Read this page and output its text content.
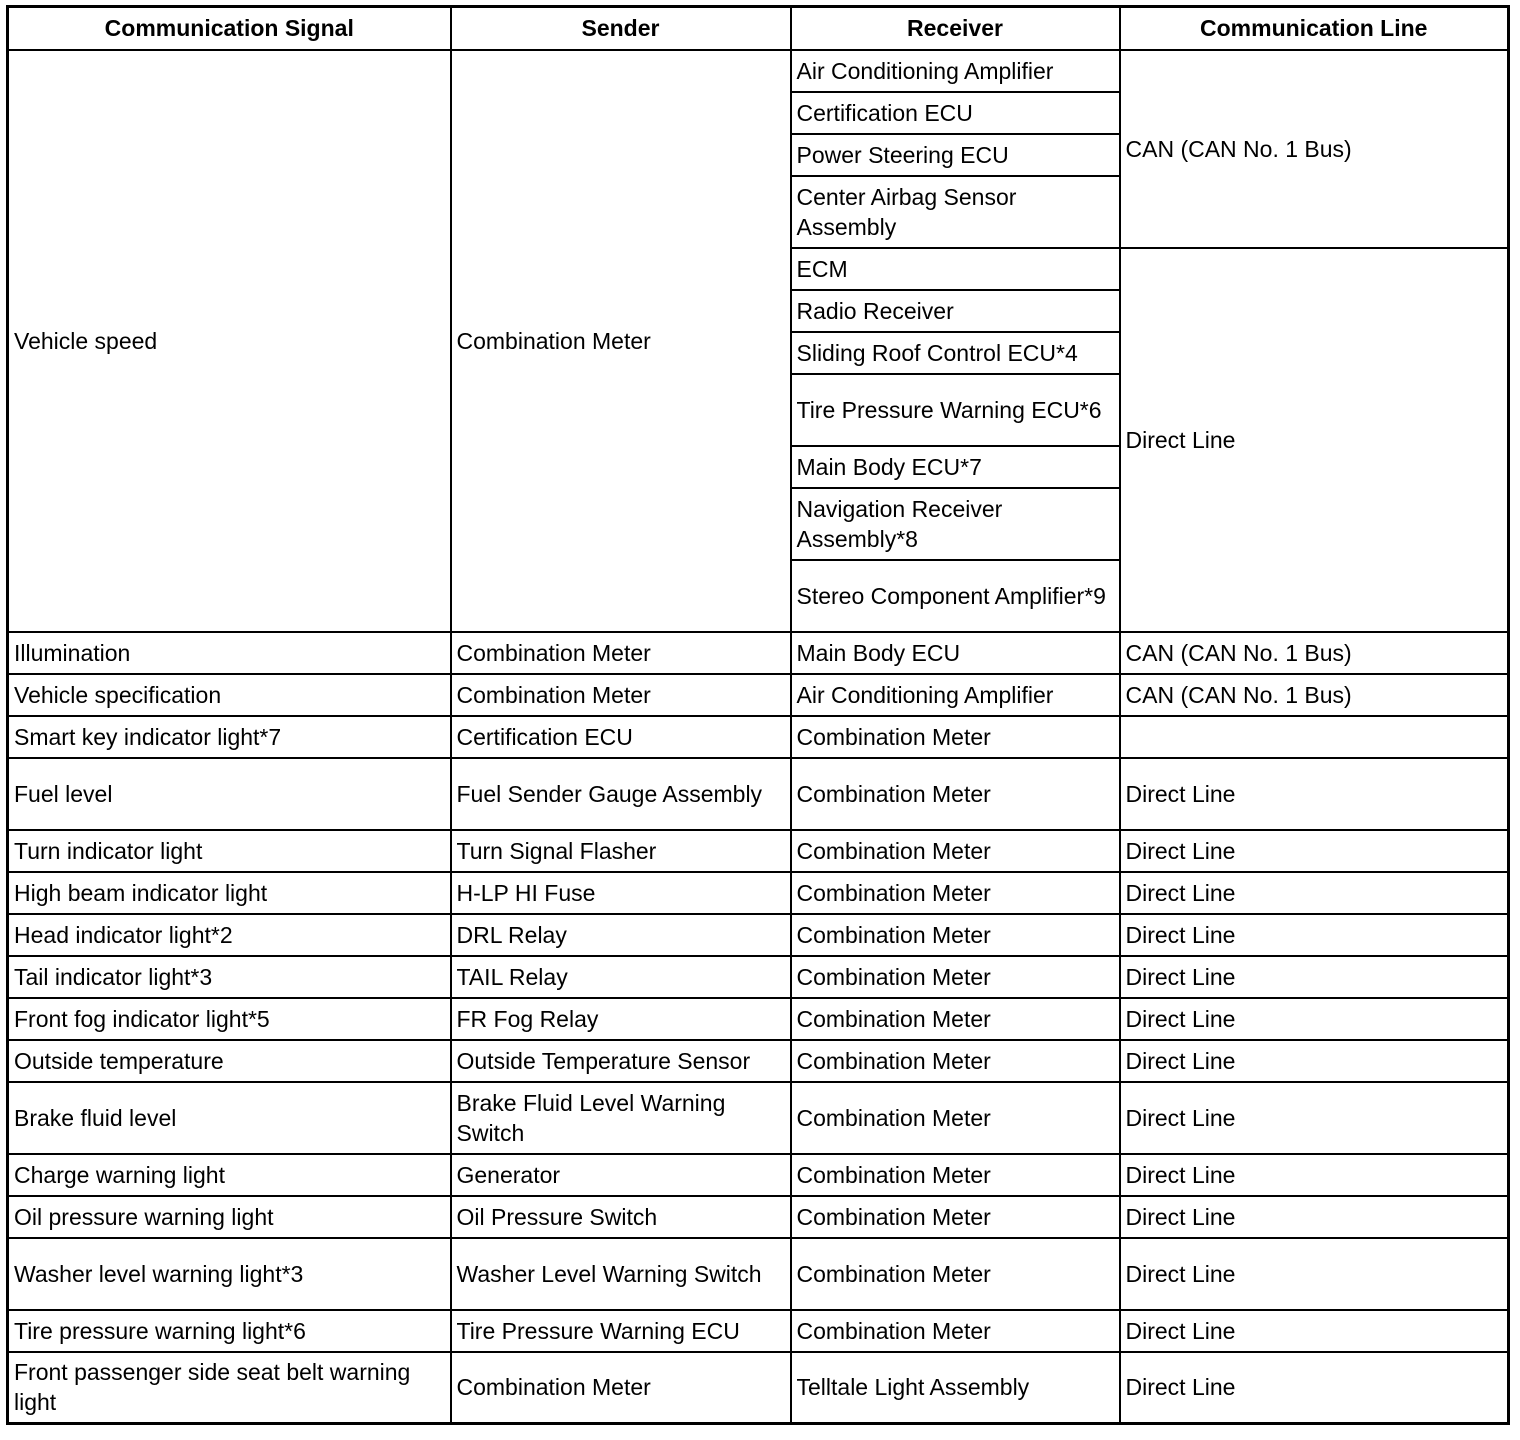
Communication Signal	Sender	Receiver	Communication Line
Vehicle speed	Combination Meter	Air Conditioning Amplifier	CAN (CAN No. 1 Bus)
		Certification ECU	
		Power Steering ECU	
		Center Airbag Sensor Assembly	
		ECM	Direct Line
		Radio Receiver	
		Sliding Roof Control ECU*4	
		Tire Pressure Warning ECU*6	
		Main Body ECU*7	
		Navigation Receiver Assembly*8	
		Stereo Component Amplifier*9	
Illumination	Combination Meter	Main Body ECU	CAN (CAN No. 1 Bus)
Vehicle specification	Combination Meter	Air Conditioning Amplifier	CAN (CAN No. 1 Bus)
Smart key indicator light*7	Certification ECU	Combination Meter	
Fuel level	Fuel Sender Gauge Assembly	Combination Meter	Direct Line
Turn indicator light	Turn Signal Flasher	Combination Meter	Direct Line
High beam indicator light	H-LP HI Fuse	Combination Meter	Direct Line
Head indicator light*2	DRL Relay	Combination Meter	Direct Line
Tail indicator light*3	TAIL Relay	Combination Meter	Direct Line
Front fog indicator light*5	FR Fog Relay	Combination Meter	Direct Line
Outside temperature	Outside Temperature Sensor	Combination Meter	Direct Line
Brake fluid level	Brake Fluid Level Warning Switch	Combination Meter	Direct Line
Charge warning light	Generator	Combination Meter	Direct Line
Oil pressure warning light	Oil Pressure Switch	Combination Meter	Direct Line
Washer level warning light*3	Washer Level Warning Switch	Combination Meter	Direct Line
Tire pressure warning light*6	Tire Pressure Warning ECU	Combination Meter	Direct Line
Front passenger side seat belt warning light	Combination Meter	Telltale Light Assembly	Direct Line
